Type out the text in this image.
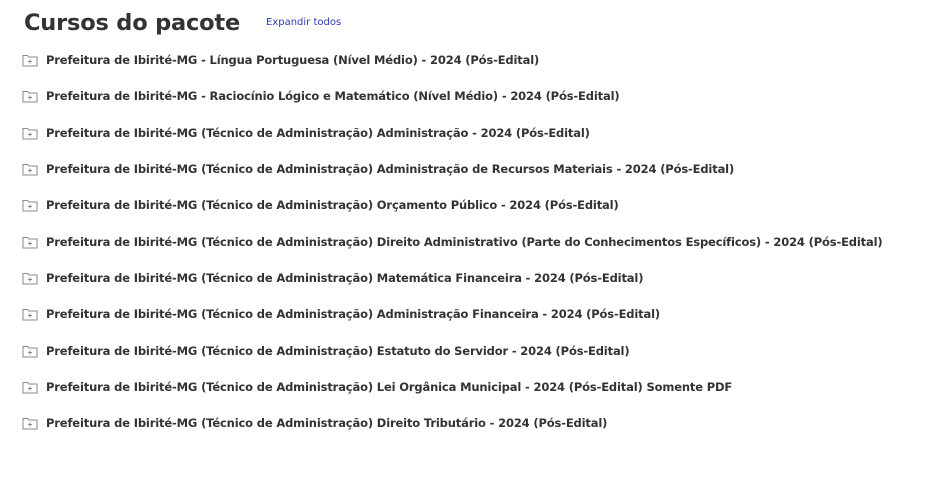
Cursos do pacote	Expandir todos
Prefeitura de Ibirité-MG - Língua Portuguesa (Nível Médio) - 2024 (Pós-Edital)
Prefeitura de Ibirité-MG - Raciocínio Lógico e Matemático (Nível Médio) - 2024 (Pós-Edital)
Prefeitura de Ibirité-MG (Técnico de Administração) Administração - 2024 (Pós-Edital)
Prefeitura de Ibirité-MG (Técnico de Administração) Administração de Recursos Materiais - 2024 (Pós-Edital)
Prefeitura de Ibirité-MG (Técnico de Administração) Orçamento Público - 2024 (Pós-Edital)
Prefeitura de Ibirité-MG (Técnico de Administração) Direito Administrativo (Parte do Conhecimentos Específicos) - 2024 (Pós-Edital)
Prefeitura de Ibirité-MG (Técnico de Administração) Matemática Financeira - 2024 (Pós-Edital)
Prefeitura de Ibirité-MG (Técnico de Administração) Administração Financeira - 2024 (Pós-Edital)
Prefeitura de Ibirité-MG (Técnico de Administração) Estatuto do Servidor - 2024 (Pós-Edital)
Prefeitura de Ibirité-MG (Técnico de Administração) Lei Orgânica Municipal - 2024 (Pós-Edital) Somente PDF
Prefeitura de Ibirité-MG (Técnico de Administração) Direito Tributário - 2024 (Pós-Edital)
